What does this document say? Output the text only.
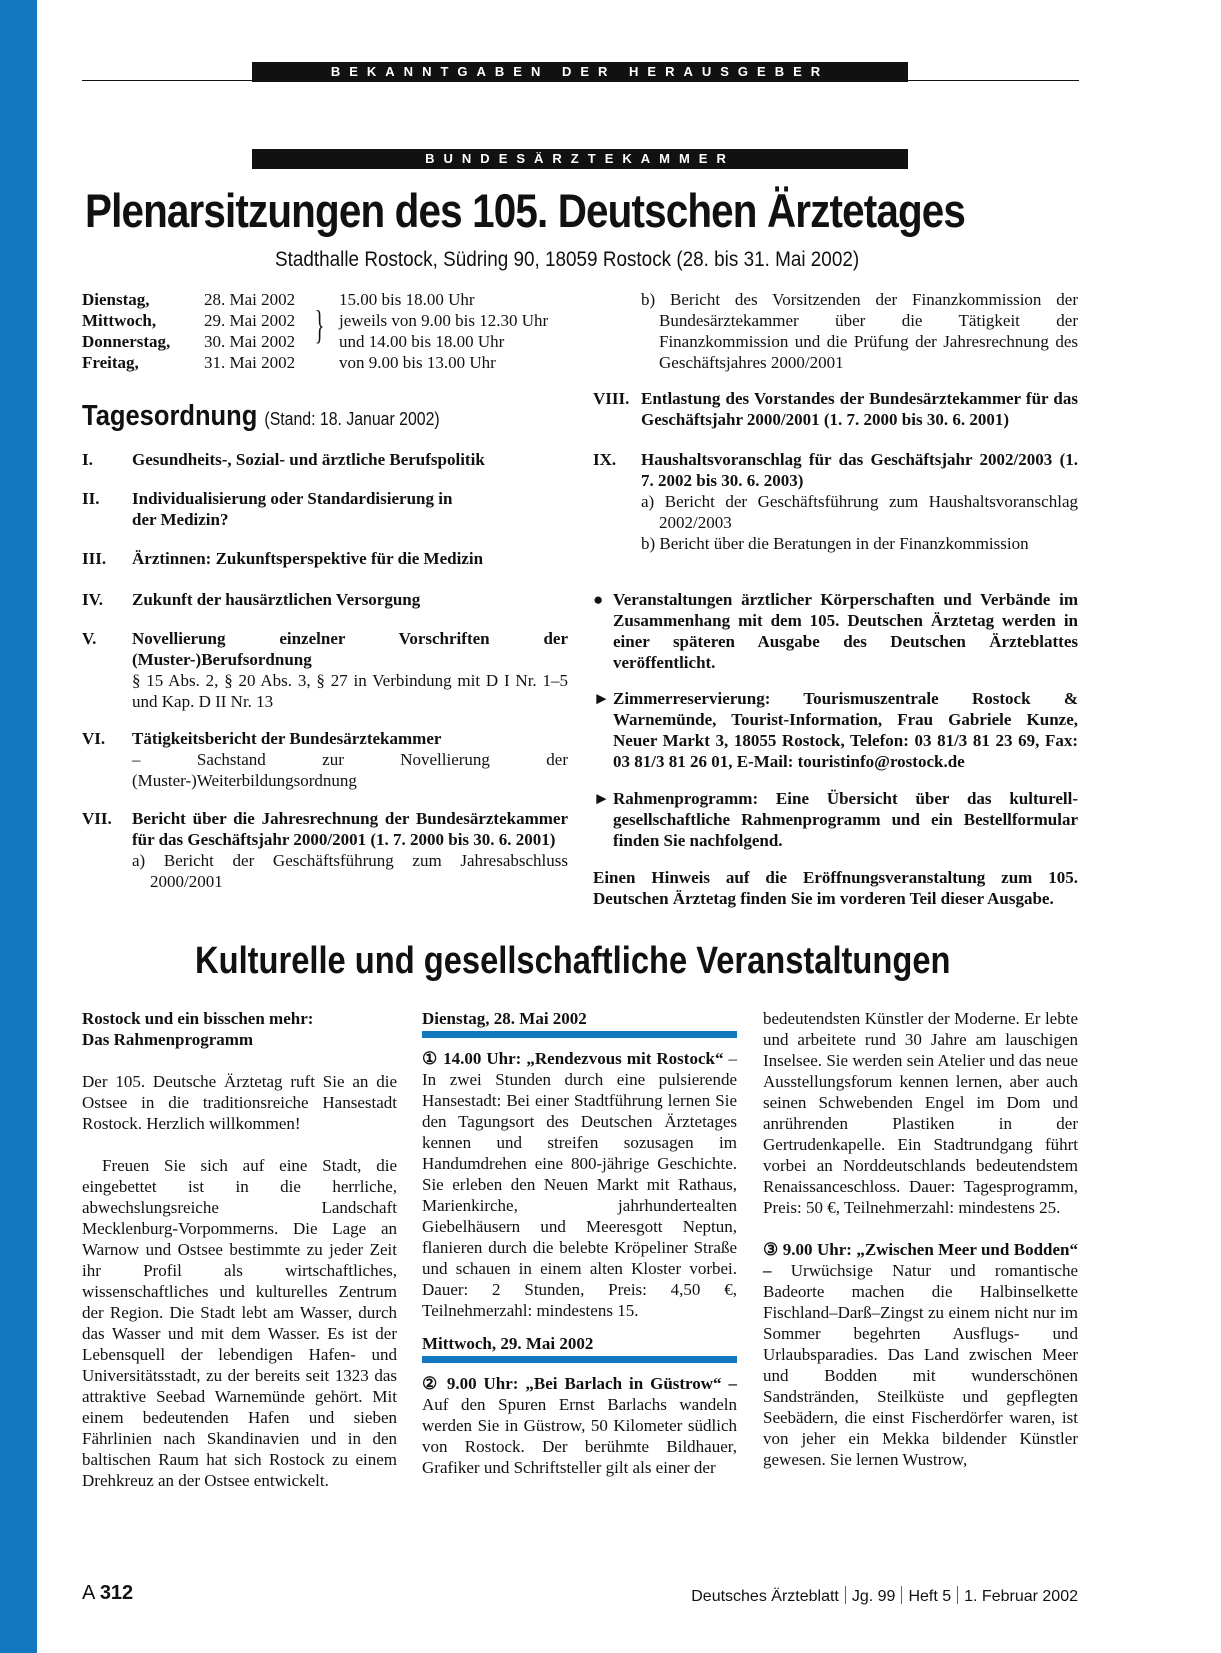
BEKANNTGABEN DER HERAUSGEBER
BUNDESÄRZTEKAMMER
Plenarsitzungen des 105. Deutschen Ärztetages
Stadthalle Rostock, Südring 90, 18059 Rostock (28. bis 31. Mai 2002)
Dienstag,
Mittwoch,
Donnerstag,
Freitag,
28. Mai 2002
29. Mai 2002
30. Mai 2002
31. Mai 2002
}
15.00 bis 18.00 Uhr
jeweils von 9.00 bis 12.30 Uhr
und 14.00 bis 18.00 Uhr
von 9.00 bis 13.00 Uhr
Tagesordnung (Stand: 18. Januar 2002)
I. Gesundheits-, Sozial- und ärztliche Berufspolitik
II. Individualisierung oder Standardisierung in der Medizin?
III. Ärztinnen: Zukunftsperspektive für die Medizin
IV. Zukunft der hausärztlichen Versorgung
V. Novellierung einzelner Vorschriften der (Muster-)Berufsordnung
§ 15 Abs. 2, § 20 Abs. 3, § 27 in Verbindung mit D I Nr. 1–5 und Kap. D II Nr. 13
VI. Tätigkeitsbericht der Bundesärztekammer
– Sachstand zur Novellierung der (Muster-)Weiterbildungsordnung
VII. Bericht über die Jahresrechnung der Bundesärztekammer für das Geschäftsjahr 2000/2001 (1. 7. 2000 bis 30. 6. 2001)
a) Bericht der Geschäftsführung zum Jahresabschluss 2000/2001
b) Bericht des Vorsitzenden der Finanzkommission der Bundesärztekammer über die Tätigkeit der Finanzkommission und die Prüfung der Jahresrechnung des Geschäftsjahres 2000/2001
VIII. Entlastung des Vorstandes der Bundesärztekammer für das Geschäftsjahr 2000/2001 (1. 7. 2000 bis 30. 6. 2001)
IX. Haushaltsvoranschlag für das Geschäftsjahr 2002/2003 (1. 7. 2002 bis 30. 6. 2003)
a) Bericht der Geschäftsführung zum Haushaltsvoranschlag 2002/2003
b) Bericht über die Beratungen in der Finanzkommission
● Veranstaltungen ärztlicher Körperschaften und Verbände im Zusammenhang mit dem 105. Deutschen Ärztetag werden in einer späteren Ausgabe des Deutschen Ärzteblattes veröffentlicht.
► Zimmerreservierung: Tourismuszentrale Rostock & Warnemünde, Tourist-Information, Frau Gabriele Kunze, Neuer Markt 3, 18055 Rostock, Telefon: 03 81/3 81 23 69, Fax: 03 81/3 81 26 01, E-Mail: touristinfo@rostock.de
► Rahmenprogramm: Eine Übersicht über das kulturell-gesellschaftliche Rahmenprogramm und ein Bestellformular finden Sie nachfolgend.
Einen Hinweis auf die Eröffnungsveranstaltung zum 105. Deutschen Ärztetag finden Sie im vorderen Teil dieser Ausgabe.
Kulturelle und gesellschaftliche Veranstaltungen

Rostock und ein bisschen mehr:

Das Rahmenprogramm

Der 105. Deutsche Ärztetag ruft Sie an die Ostsee in die traditionsreiche Hansestadt Rostock. Herzlich willkommen!

Freuen Sie sich auf eine Stadt, die eingebettet ist in die herrliche, abwechslungsreiche Landschaft Mecklenburg-Vorpommerns. Die Lage an Warnow und Ostsee bestimmte zu jeder Zeit ihr Profil als wirtschaftliches, wissenschaftliches und kulturelles Zentrum der Region. Die Stadt lebt am Wasser, durch das Wasser und mit dem Wasser. Es ist der Lebensquell der lebendigen Hafen- und Universitätsstadt, zu der bereits seit 1323 das attraktive Seebad Warnemünde gehört. Mit einem bedeutenden Hafen und sieben Fährlinien nach Skandinavien und in den baltischen Raum hat sich Rostock zu einem Drehkreuz an der Ostsee entwickelt.

Dienstag, 28. Mai 2002

① 14.00 Uhr: „Rendezvous mit Rostock“ – In zwei Stunden durch eine pulsierende Hansestadt: Bei einer Stadtführung lernen Sie den Tagungsort des Deutschen Ärztetages kennen und streifen sozusagen im Handumdrehen eine 800-jährige Geschichte. Sie erleben den Neuen Markt mit Rathaus, Marienkirche, jahrhundertealten Giebelhäusern und Meeresgott Neptun, flanieren durch die belebte Kröpeliner Straße und schauen in einem alten Kloster vorbei. Dauer: 2 Stunden, Preis: 4,50 €, Teilnehmerzahl: mindestens 15.

Mittwoch, 29. Mai 2002

② 9.00 Uhr: „Bei Barlach in Güstrow“ – Auf den Spuren Ernst Barlachs wandeln werden Sie in Güstrow, 50 Kilometer südlich von Rostock. Der berühmte Bildhauer, Grafiker und Schriftsteller gilt als einer der

bedeutendsten Künstler der Moderne. Er lebte und arbeitete rund 30 Jahre am lauschigen Inselsee. Sie werden sein Atelier und das neue Ausstellungsforum kennen lernen, aber auch seinen Schwebenden Engel im Dom und anrührenden Plastiken in der Gertrudenkapelle. Ein Stadtrundgang führt vorbei an Norddeutschlands bedeutendstem Renaissanceschloss. Dauer: Tagesprogramm, Preis: 50 €, Teilnehmerzahl: mindestens 25.

③ 9.00 Uhr: „Zwischen Meer und Bodden“ – Urwüchsige Natur und romantische Badeorte machen die Halbinselkette Fischland–Darß–Zingst zu einem nicht nur im Sommer begehrten Ausflugs- und Urlaubsparadies. Das Land zwischen Meer und Bodden mit wunderschönen Sandstränden, Steilküste und gepflegten Seebädern, die einst Fischerdörfer waren, ist von jeher ein Mekka bildender Künstler gewesen. Sie lernen Wustrow,

A 312	Deutsches Ärzteblatt Jg. 99 Heft 5 1. Februar 2002
